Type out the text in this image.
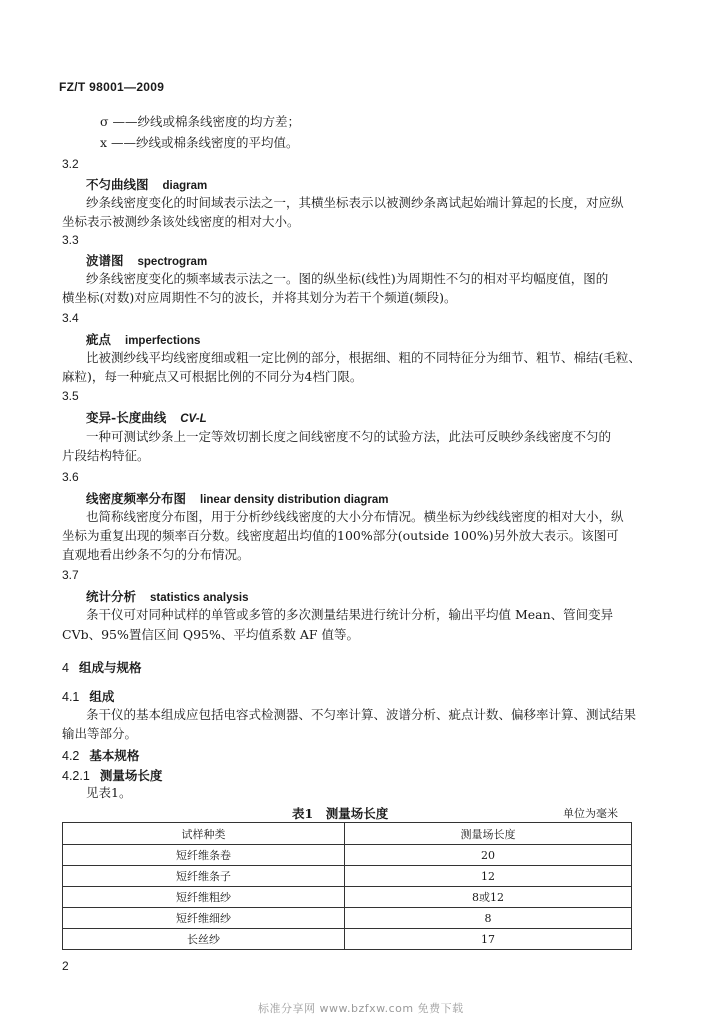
FZ/T 98001—2009
σ ——纱线或棉条线密度的均方差；
x ——纱线或棉条线密度的平均值。
3.2
不匀曲线图 diagram
纱条线密度变化的时间域表示法之一，其横坐标表示以被测纱条离试起始端计算起的长度，对应纵
坐标表示被测纱条该处线密度的相对大小。
3.3
波谱图 spectrogram
纱条线密度变化的频率域表示法之一。图的纵坐标(线性)为周期性不匀的相对平均幅度值，图的
横坐标(对数)对应周期性不匀的波长，并将其划分为若干个频道(频段)。
3.4
疵点 imperfections
比被测纱线平均线密度细或粗一定比例的部分，根据细、粗的不同特征分为细节、粗节、棉结(毛粒、
麻粒)，每一种疵点又可根据比例的不同分为4档门限。
3.5
变异-长度曲线 CV-L
一种可测试纱条上一定等效切割长度之间线密度不匀的试验方法，此法可反映纱条线密度不匀的
片段结构特征。
3.6
线密度频率分布图 linear density distribution diagram
也简称线密度分布图，用于分析纱线线密度的大小分布情况。横坐标为纱线线密度的相对大小，纵
坐标为重复出现的频率百分数。线密度超出均值的100%部分(outside 100%)另外放大表示。该图可
直观地看出纱条不匀的分布情况。
3.7
统计分析 statistics analysis
条干仪可对同种试样的单管或多管的多次测量结果进行统计分析，输出平均值 Mean、管间变异
CVb、95%置信区间 Q95%、平均值系数 AF 值等。
4 组成与规格
4.1 组成
条干仪的基本组成应包括电容式检测器、不匀率计算、波谱分析、疵点计数、偏移率计算、测试结果
输出等部分。
4.2 基本规格
4.2.1 测量场长度
见表1。
表1　测量场长度	单位为毫米
试样种类	测量场长度
短纤维条卷	20
短纤维条子	12
短纤维粗纱	8或12
短纤维细纱	8
长丝纱	17
2
标准分享网 www.bzfxw.com 免费下载
